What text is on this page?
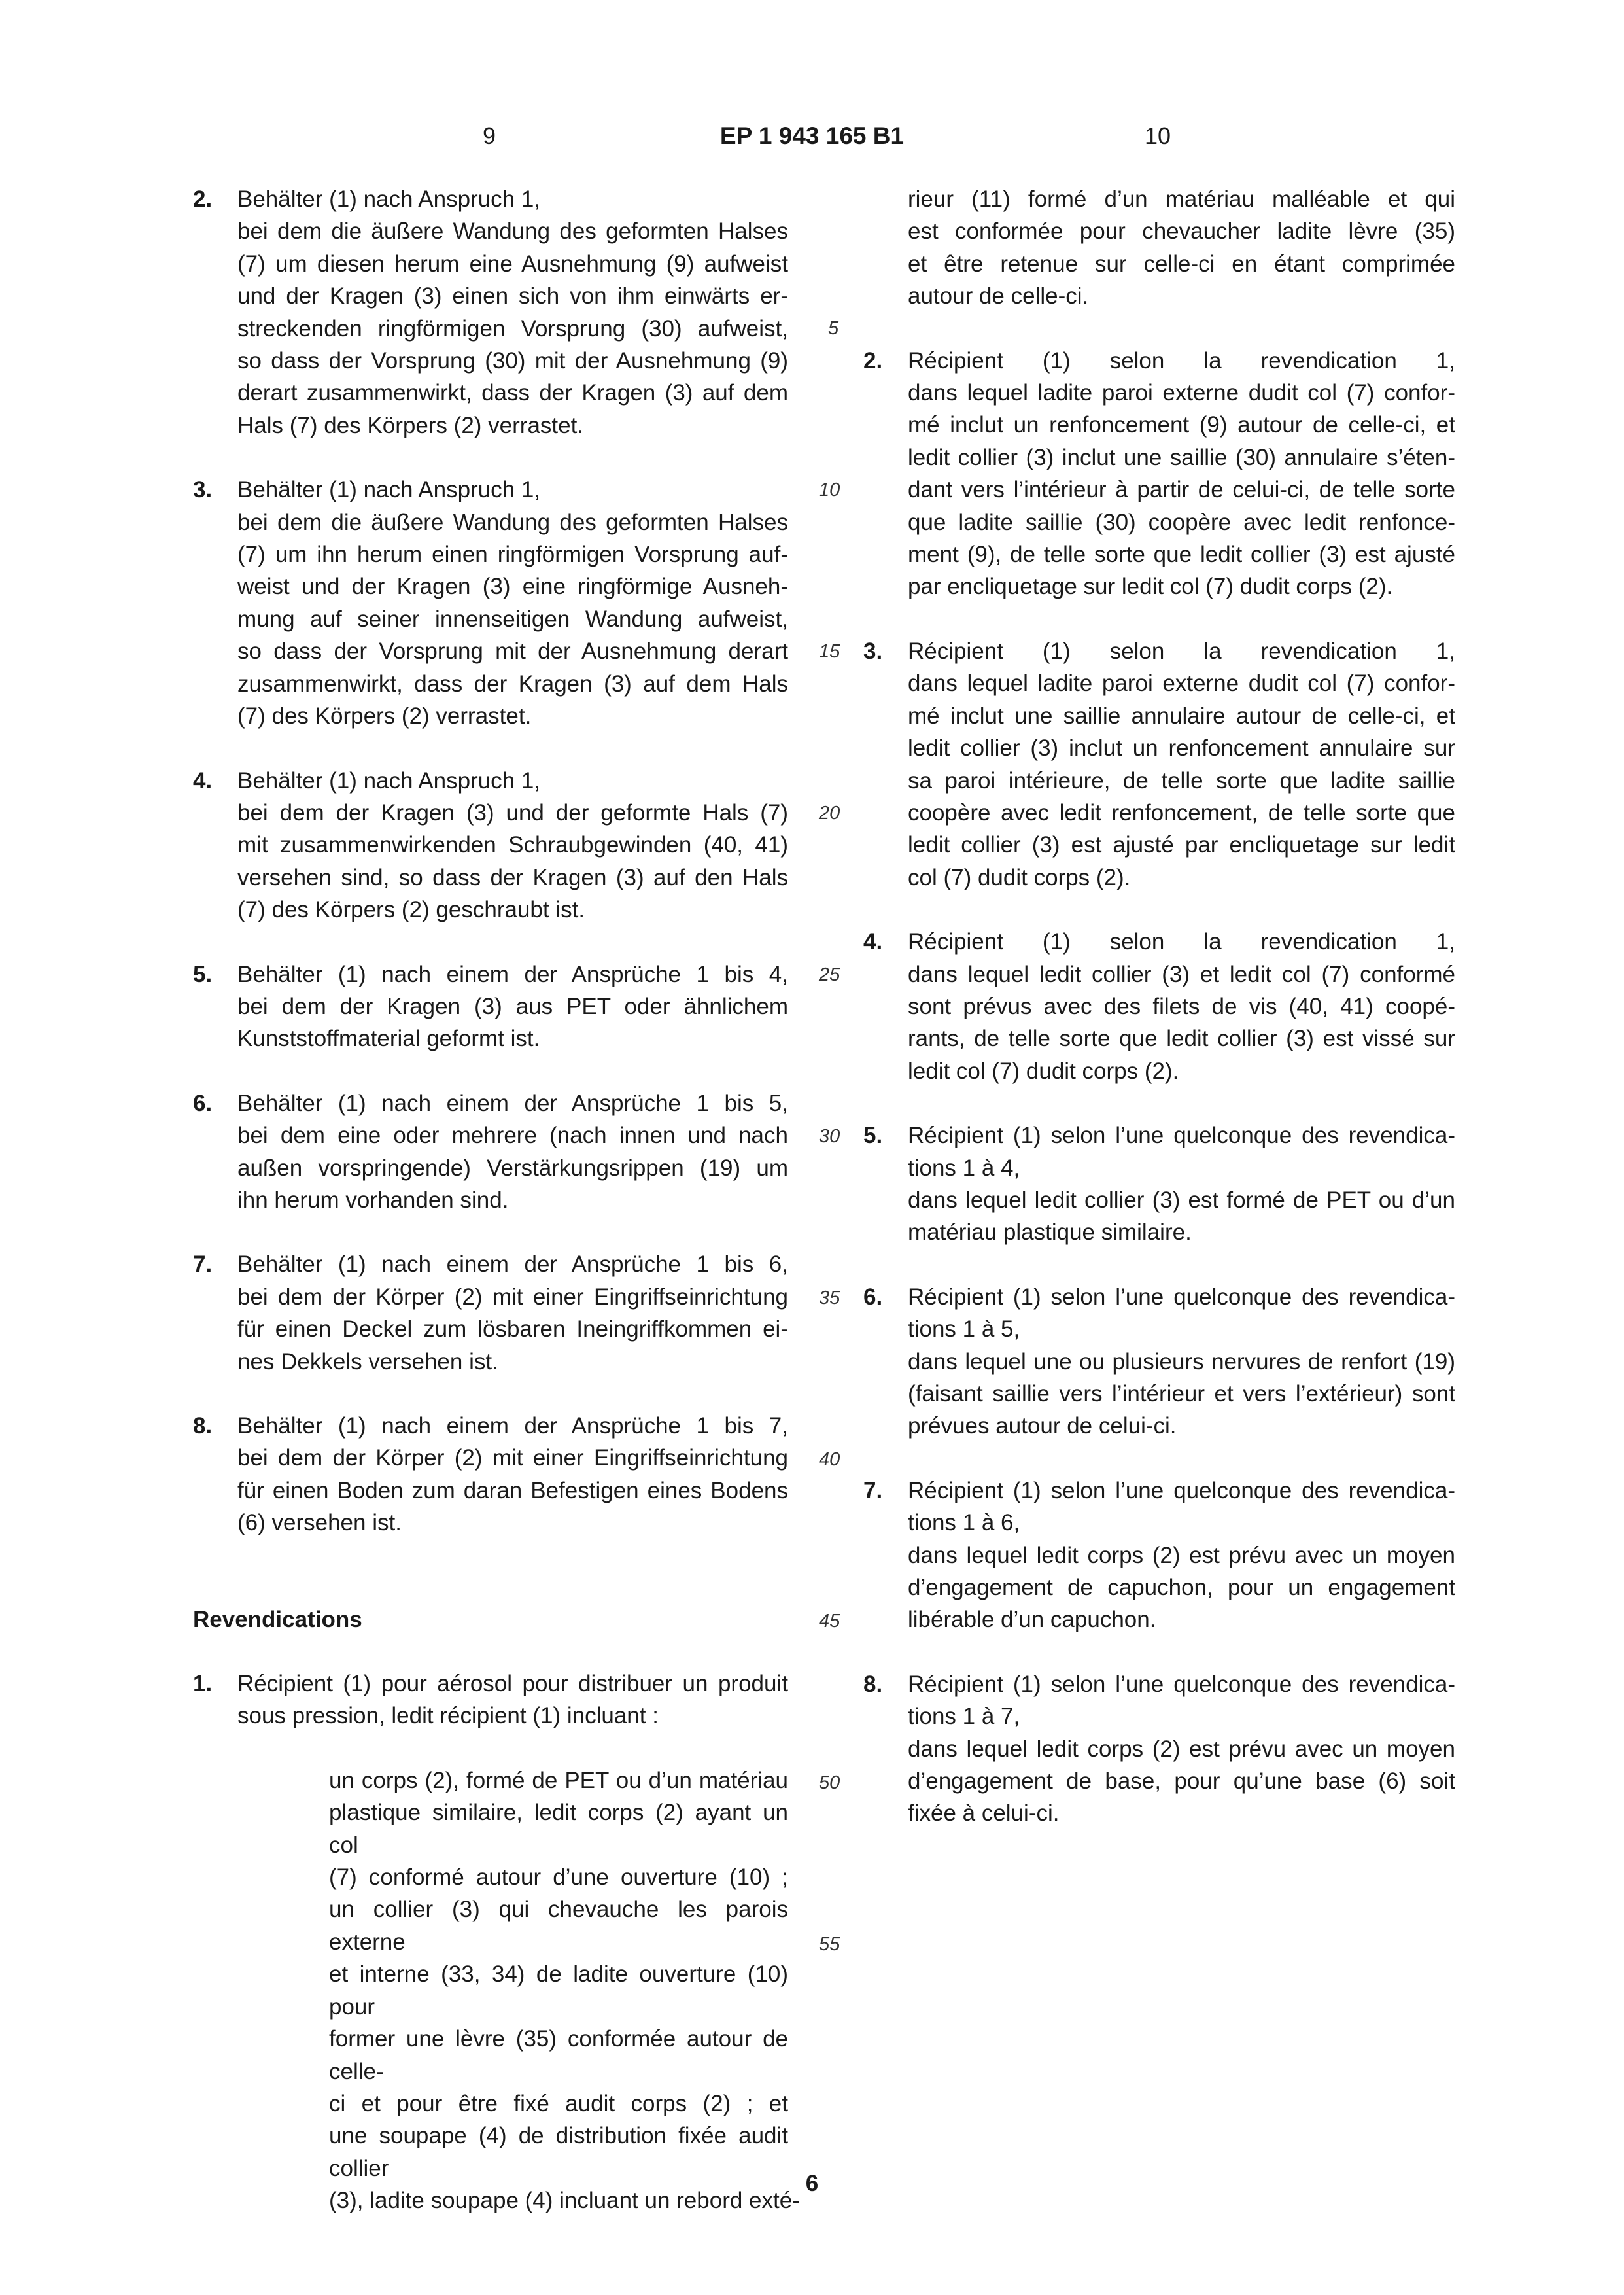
9	EP 1 943 165 B1	10
2. Behälter (1) nach Anspruch 1,
bei dem die äußere Wandung des geformten Halses
(7) um diesen herum eine Ausnehmung (9) aufweist
und der Kragen (3) einen sich von ihm einwärts er-
streckenden ringförmigen Vorsprung (30) aufweist,
so dass der Vorsprung (30) mit der Ausnehmung (9)
derart zusammenwirkt, dass der Kragen (3) auf dem
Hals (7) des Körpers (2) verrastet.
3. Behälter (1) nach Anspruch 1,
bei dem die äußere Wandung des geformten Halses
(7) um ihn herum einen ringförmigen Vorsprung auf-
weist und der Kragen (3) eine ringförmige Ausneh-
mung auf seiner innenseitigen Wandung aufweist,
so dass der Vorsprung mit der Ausnehmung derart
zusammenwirkt, dass der Kragen (3) auf dem Hals
(7) des Körpers (2) verrastet.
4. Behälter (1) nach Anspruch 1,
bei dem der Kragen (3) und der geformte Hals (7)
mit zusammenwirkenden Schraubgewinden (40, 41)
versehen sind, so dass der Kragen (3) auf den Hals
(7) des Körpers (2) geschraubt ist.
5. Behälter (1) nach einem der Ansprüche 1 bis 4,
bei dem der Kragen (3) aus PET oder ähnlichem
Kunststoffmaterial geformt ist.
6. Behälter (1) nach einem der Ansprüche 1 bis 5,
bei dem eine oder mehrere (nach innen und nach
außen vorspringende) Verstärkungsrippen (19) um
ihn herum vorhanden sind.
7. Behälter (1) nach einem der Ansprüche 1 bis 6,
bei dem der Körper (2) mit einer Eingriffseinrichtung
für einen Deckel zum lösbaren Ineingriffkommen ei-
nes Dekkels versehen ist.
8. Behälter (1) nach einem der Ansprüche 1 bis 7,
bei dem der Körper (2) mit einer Eingriffseinrichtung
für einen Boden zum daran Befestigen eines Bodens
(6) versehen ist.
Revendications
1. Récipient (1) pour aérosol pour distribuer un produit
sous pression, ledit récipient (1) incluant :
un corps (2), formé de PET ou d’un matériau
plastique similaire, ledit corps (2) ayant un col
(7) conformé autour d’une ouverture (10) ;
un collier (3) qui chevauche les parois externe
et interne (33, 34) de ladite ouverture (10) pour
former une lèvre (35) conformée autour de celle-
ci et pour être fixé audit corps (2) ; et
une soupape (4) de distribution fixée audit collier
(3), ladite soupape (4) incluant un rebord exté-
5
10
15
20
25
30
35
40
45
50
55
rieur (11) formé d’un matériau malléable et qui
est conformée pour chevaucher ladite lèvre (35)
et être retenue sur celle-ci en étant comprimée
autour de celle-ci.
2. Récipient (1) selon la revendication 1,
dans lequel ladite paroi externe dudit col (7) confor-
mé inclut un renfoncement (9) autour de celle-ci, et
ledit collier (3) inclut une saillie (30) annulaire s’éten-
dant vers l’intérieur à partir de celui-ci, de telle sorte
que ladite saillie (30) coopère avec ledit renfonce-
ment (9), de telle sorte que ledit collier (3) est ajusté
par encliquetage sur ledit col (7) dudit corps (2).
3. Récipient (1) selon la revendication 1,
dans lequel ladite paroi externe dudit col (7) confor-
mé inclut une saillie annulaire autour de celle-ci, et
ledit collier (3) inclut un renfoncement annulaire sur
sa paroi intérieure, de telle sorte que ladite saillie
coopère avec ledit renfoncement, de telle sorte que
ledit collier (3) est ajusté par encliquetage sur ledit
col (7) dudit corps (2).
4. Récipient (1) selon la revendication 1,
dans lequel ledit collier (3) et ledit col (7) conformé
sont prévus avec des filets de vis (40, 41) coopé-
rants, de telle sorte que ledit collier (3) est vissé sur
ledit col (7) dudit corps (2).
5. Récipient (1) selon l’une quelconque des revendica-
tions 1 à 4,
dans lequel ledit collier (3) est formé de PET ou d’un
matériau plastique similaire.
6. Récipient (1) selon l’une quelconque des revendica-
tions 1 à 5,
dans lequel une ou plusieurs nervures de renfort (19)
(faisant saillie vers l’intérieur et vers l’extérieur) sont
prévues autour de celui-ci.
7. Récipient (1) selon l’une quelconque des revendica-
tions 1 à 6,
dans lequel ledit corps (2) est prévu avec un moyen
d’engagement de capuchon, pour un engagement
libérable d’un capuchon.
8. Récipient (1) selon l’une quelconque des revendica-
tions 1 à 7,
dans lequel ledit corps (2) est prévu avec un moyen
d’engagement de base, pour qu’une base (6) soit
fixée à celui-ci.
6
